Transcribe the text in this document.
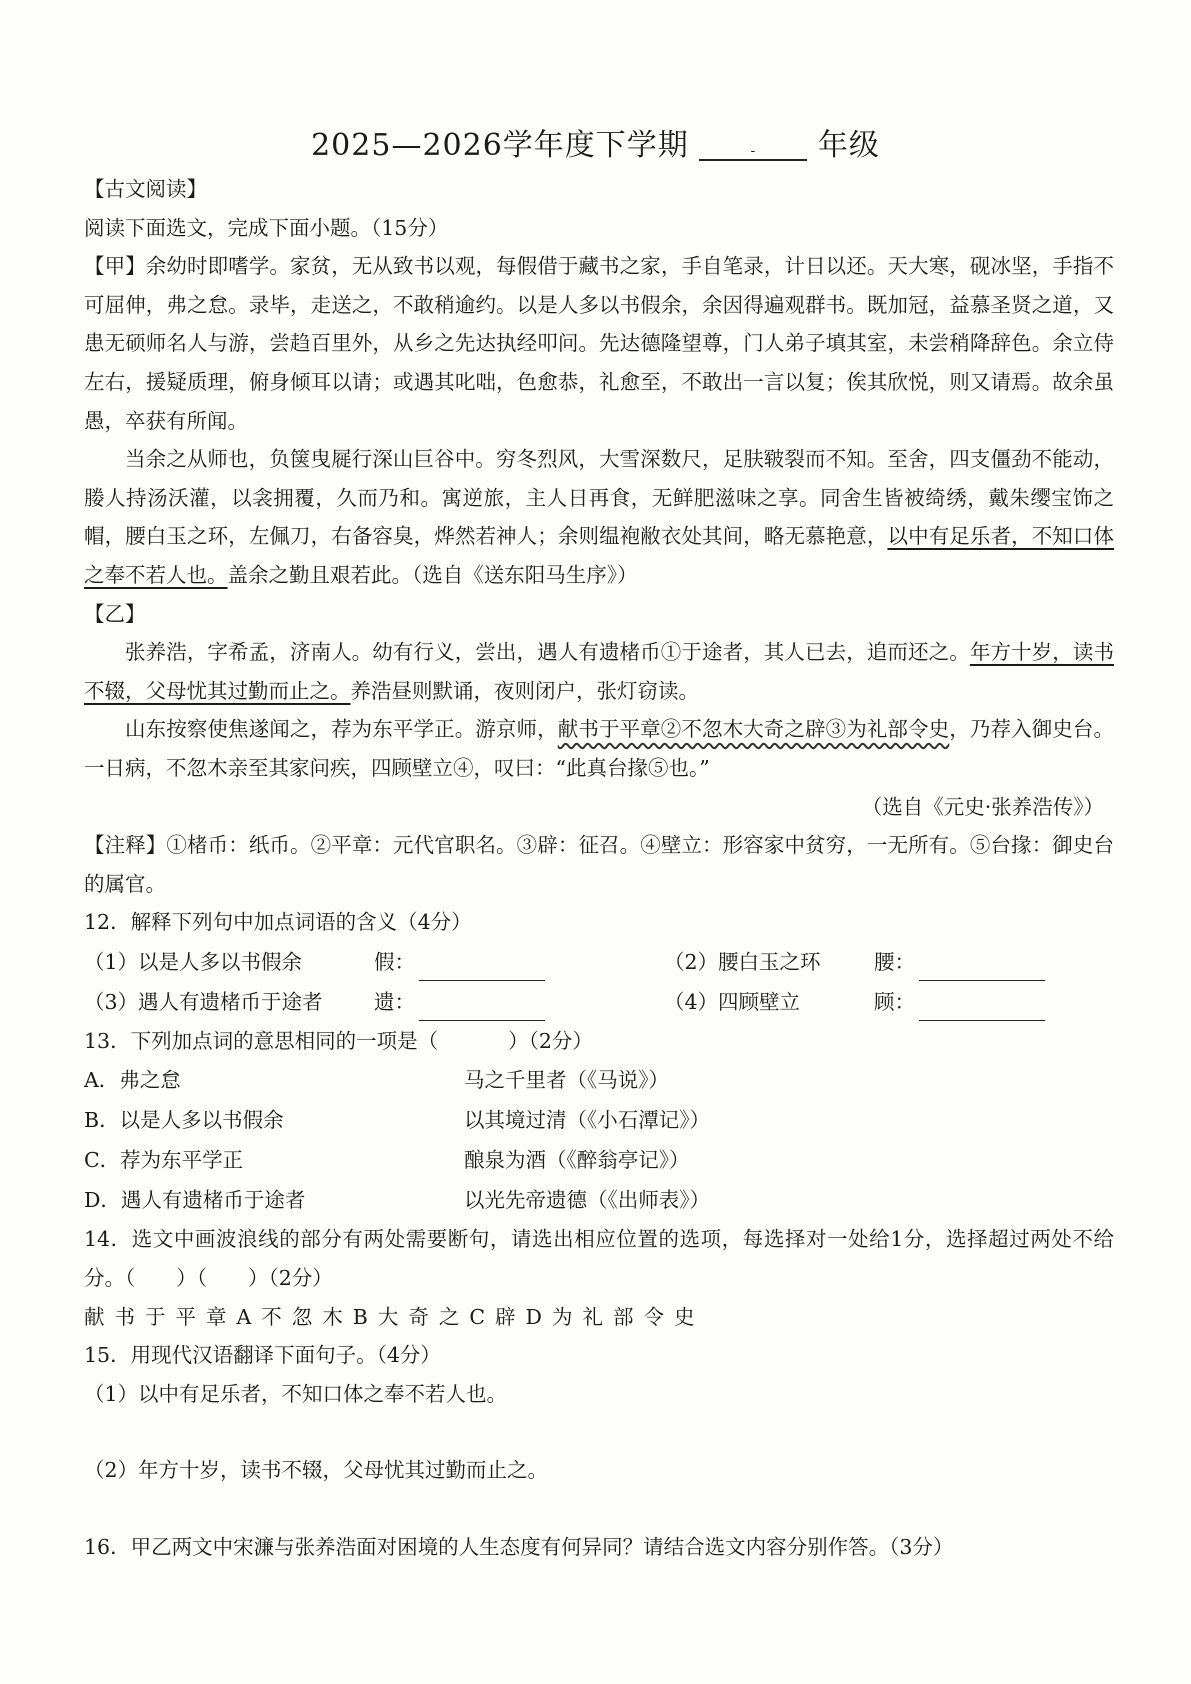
2025—2026学年度下学期	- 年级

【古文阅读】

阅读下面选文，完成下面小题。（15分）

【甲】余幼时即嗜学。家贫，无从致书以观，每假借于藏书之家，手自笔录，计日以还。天大寒，砚冰坚，手指不可屈伸，弗之怠。录毕，走送之，不敢稍逾约。以是人多以书假余，余因得遍观群书。既加冠，益慕圣贤之道，又患无硕师名人与游，尝趋百里外，从乡之先达执经叩问。先达德隆望尊，门人弟子填其室，未尝稍降辞色。余立侍左右，援疑质理，俯身倾耳以请；或遇其叱咄，色愈恭，礼愈至，不敢出一言以复；俟其欣悦，则又请焉。故余虽愚，卒获有所闻。

当余之从师也，负箧曳屣行深山巨谷中。穷冬烈风，大雪深数尺，足肤皲裂而不知。至舍，四支僵劲不能动，媵人持汤沃灌，以衾拥覆，久而乃和。寓逆旅，主人日再食，无鲜肥滋味之享。同舍生皆被绮绣，戴朱缨宝饰之帽，腰白玉之环，左佩刀，右备容臭，烨然若神人；余则缊袍敝衣处其间，略无慕艳意，以中有足乐者，不知口体之奉不若人也。盖余之勤且艰若此。（选自《送东阳马生序》）

【乙】

张养浩，字希孟，济南人。幼有行义，尝出，遇人有遗楮币①于途者，其人已去，追而还之。年方十岁，读书不辍，父母忧其过勤而止之。养浩昼则默诵，夜则闭户，张灯窃读。

山东按察使焦遂闻之，荐为东平学正。游京师，献书于平章②不忽木大奇之辟③为礼部令史，乃荐入御史台。一日病，不忽木亲至其家问疾，四顾壁立④，叹曰：“此真台掾⑤也。”

（选自《元史·张养浩传》）

【注释】①楮币：纸币。②平章：元代官职名。③辟：征召。④壁立：形容家中贫穷，一无所有。⑤台掾：御史台的属官。

12．解释下列句中加点词语的含义（4分）

（1）以是人多以书假余	假：	（2）腰白玉之环	腰：
（3）遇人有遗楮币于途者	遗：	（4）四顾壁立	顾：

13．下列加点词的意思相同的一项是（	）（2分）

A．弗之怠	马之千里者（《马说》）
B．以是人多以书假余	以其境过清（《小石潭记》）
C．荐为东平学正	酿泉为酒（《醉翁亭记》）
D．遇人有遗楮币于途者	以光先帝遗德（《出师表》）

14．选文中画波浪线的部分有两处需要断句，请选出相应位置的选项，每选择对一处给1分，选择超过两处不给分。（　　）（　　）（2分）

献书于平章A不忽木B大奇之C辟D为礼部令史

15．用现代汉语翻译下面句子。（4分）

（1）以中有足乐者，不知口体之奉不若人也。

（2）年方十岁，读书不辍，父母忧其过勤而止之。

16．甲乙两文中宋濂与张养浩面对困境的人生态度有何异同？请结合选文内容分别作答。（3分）
